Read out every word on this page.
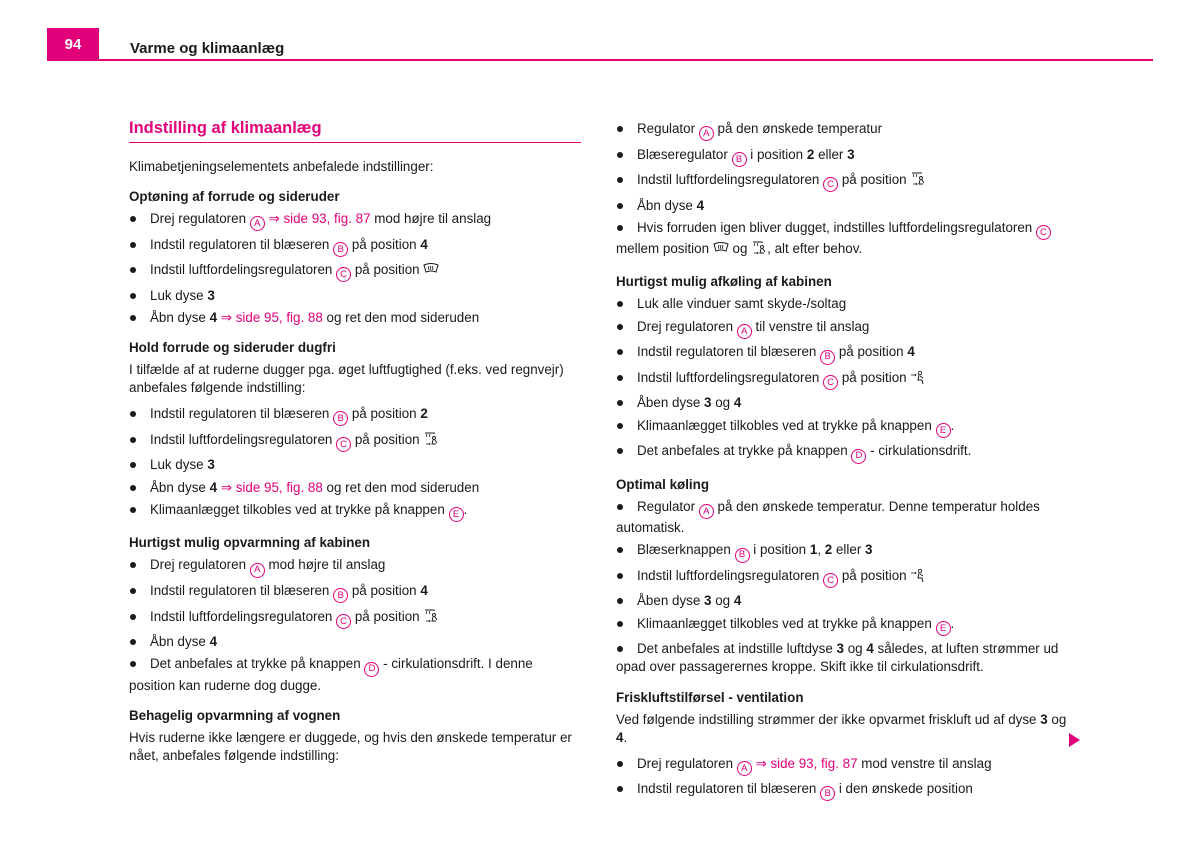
94	Varme og klimaanlæg
Indstilling af klimaanlæg

Klimabetjeningselementets anbefalede indstillinger:

Optøning af forrude og sideruder
Drej regulatoren A ⇒ side 93, fig. 87 mod højre til anslag
Indstil regulatoren til blæseren B på position 4
Indstil luftfordelingsregulatoren C på position
Luk dyse 3
Åbn dyse 4 ⇒ side 95, fig. 88 og ret den mod sideruden
Hold forrude og sideruder dugfri

I tilfælde af at ruderne dugger pga. øget luftfugtighed (f.eks. ved regnvejr) anbefales følgende indstilling:

Indstil regulatoren til blæseren B på position 2
Indstil luftfordelingsregulatoren C på position
Luk dyse 3
Åbn dyse 4 ⇒ side 95, fig. 88 og ret den mod sideruden
Klimaanlægget tilkobles ved at trykke på knappen E .
Hurtigst mulig opvarmning af kabinen
Drej regulatoren A mod højre til anslag
Indstil regulatoren til blæseren B på position 4
Indstil luftfordelingsregulatoren C på position
Åbn dyse 4
Det anbefales at trykke på knappen D - cirkulationsdrift. I denne position kan ruderne dog dugge.
Behagelig opvarmning af vognen

Hvis ruderne ikke længere er duggede, og hvis den ønskede temperatur er nået, anbefales følgende indstilling:

Regulator A på den ønskede temperatur
Blæseregulator B i position 2 eller 3
Indstil luftfordelingsregulatoren C på position
Åbn dyse 4
Hvis forruden igen bliver dugget, indstilles luftfordelingsregulatoren C mellem position og , alt efter behov.
Hurtigst mulig afkøling af kabinen
Luk alle vinduer samt skyde-/soltag
Drej regulatoren A til venstre til anslag
Indstil regulatoren til blæseren B på position 4
Indstil luftfordelingsregulatoren C på position
Åben dyse 3 og 4
Klimaanlægget tilkobles ved at trykke på knappen E .
Det anbefales at trykke på knappen D - cirkulationsdrift.
Optimal køling
Regulator A på den ønskede temperatur. Denne temperatur holdes automatisk.
Blæserknappen B i position 1, 2 eller 3
Indstil luftfordelingsregulatoren C på position
Åben dyse 3 og 4
Klimaanlægget tilkobles ved at trykke på knappen E .
Det anbefales at indstille luftdyse 3 og 4 således, at luften strømmer ud opad over passagerernes kroppe. Skift ikke til cirkulationsdrift.
Friskluftstilførsel - ventilation

Ved følgende indstilling strømmer der ikke opvarmet friskluft ud af dyse 3 og 4.

Drej regulatoren A ⇒ side 93, fig. 87 mod venstre til anslag
Indstil regulatoren til blæseren B i den ønskede position
